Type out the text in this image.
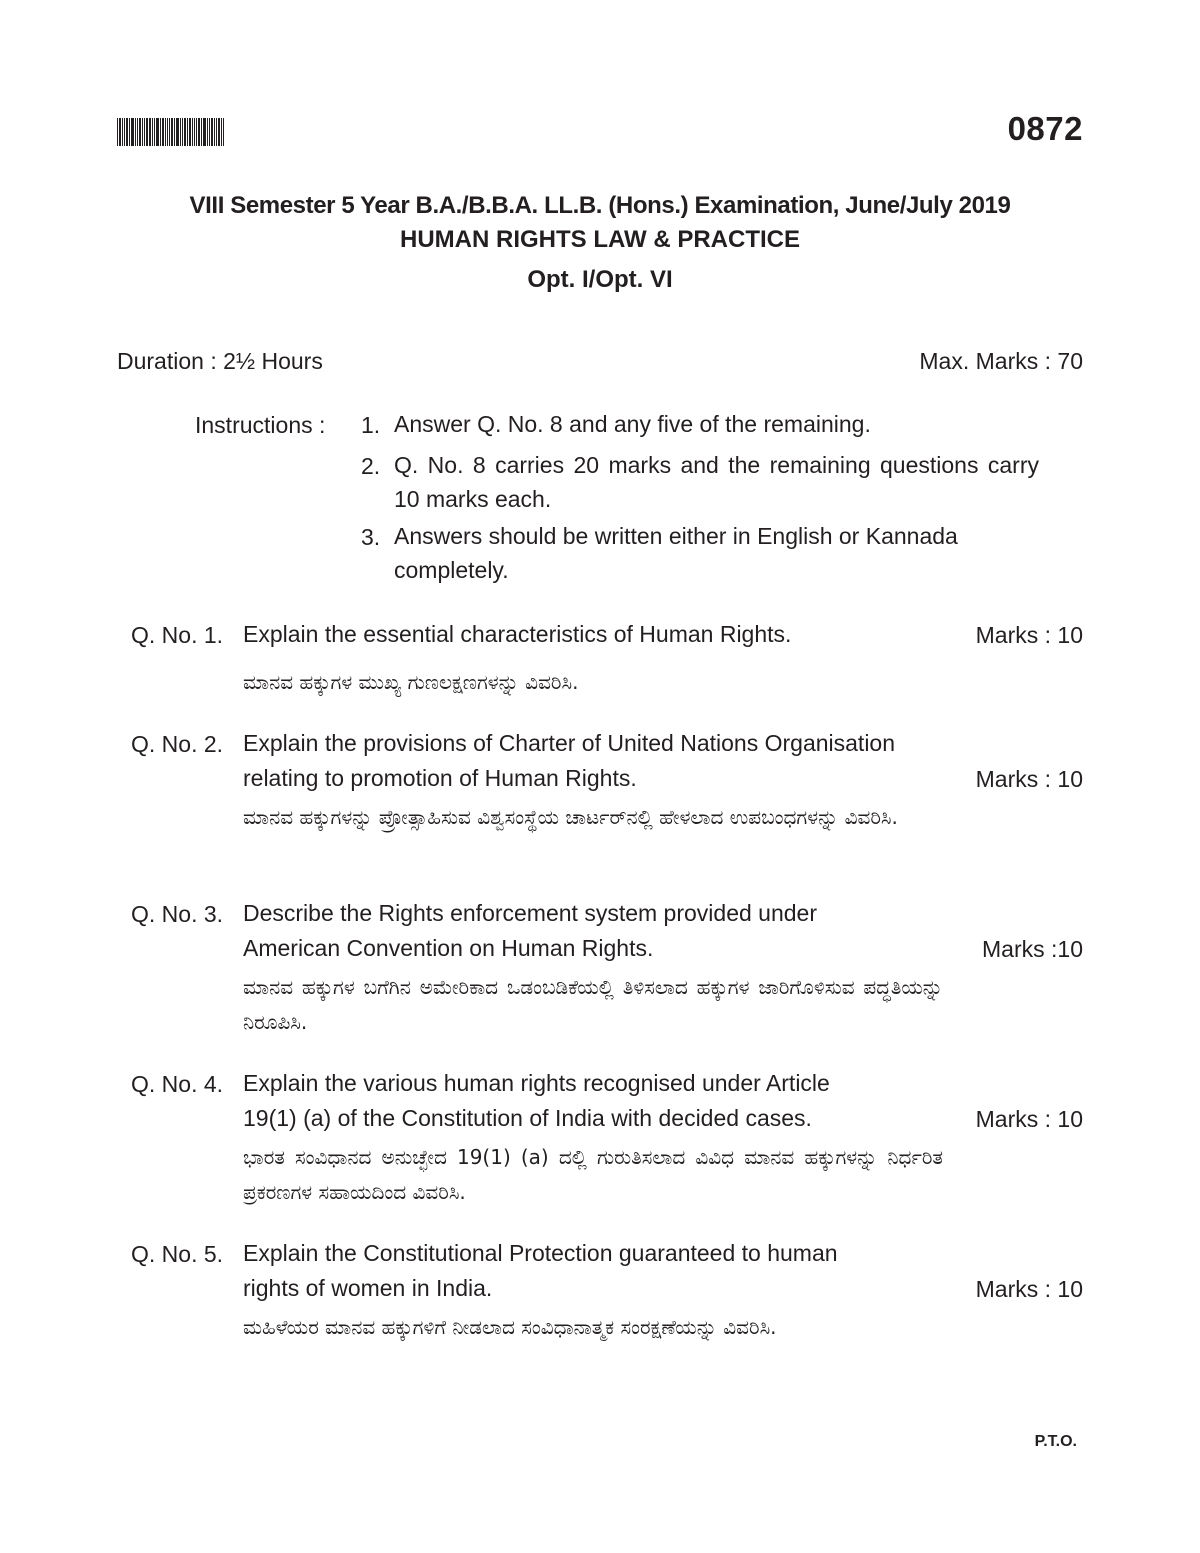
0872
VIII Semester 5 Year B.A./B.B.A. LL.B. (Hons.) Examination, June/July 2019
HUMAN RIGHTS LAW & PRACTICE
Opt. I/Opt. VI
Duration : 2½ Hours	Max. Marks : 70
Instructions : 1. Answer Q. No. 8 and any five of the remaining.
2. Q. No. 8 carries 20 marks and the remaining questions carry 10 marks each.
3. Answers should be written either in English or Kannada completely.
Q. No. 1. Explain the essential characteristics of Human Rights.	Marks : 10
ಮಾನವ ಹಕ್ಕುಗಳ ಮುಖ್ಯ ಗುಣಲಕ್ಷಣಗಳನ್ನು ವಿವರಿಸಿ.
Q. No. 2. Explain the provisions of Charter of United Nations Organisation
relating to promotion of Human Rights.	Marks : 10
ಮಾನವ ಹಕ್ಕುಗಳನ್ನು ಪ್ರೋತ್ಸಾಹಿಸುವ ವಿಶ್ವಸಂಸ್ಥೆಯ ಚಾರ್ಟರ್‌ನಲ್ಲಿ ಹೇಳಲಾದ ಉಪಬಂಧಗಳನ್ನು ವಿವರಿಸಿ.
Q. No. 3. Describe the Rights enforcement system provided under
American Convention on Human Rights.	Marks :10
ಮಾನವ ಹಕ್ಕುಗಳ ಬಗೆಗಿನ ಅಮೇರಿಕಾದ ಒಡಂಬಡಿಕೆಯಲ್ಲಿ ತಿಳಿಸಲಾದ ಹಕ್ಕುಗಳ ಜಾರಿಗೊಳಿಸುವ ಪದ್ಧತಿಯನ್ನು ನಿರೂಪಿಸಿ.
Q. No. 4. Explain the various human rights recognised under Article
19(1) (a) of the Constitution of India with decided cases.	Marks : 10
ಭಾರತ ಸಂವಿಧಾನದ ಅನುಚ್ಛೇದ 19(1) (a) ದಲ್ಲಿ ಗುರುತಿಸಲಾದ ವಿವಿಧ ಮಾನವ ಹಕ್ಕುಗಳನ್ನು ನಿರ್ಧರಿತ ಪ್ರಕರಣಗಳ ಸಹಾಯದಿಂದ ವಿವರಿಸಿ.
Q. No. 5. Explain the Constitutional Protection guaranteed to human
rights of women in India.	Marks : 10
ಮಹಿಳೆಯರ ಮಾನವ ಹಕ್ಕುಗಳಿಗೆ ನೀಡಲಾದ ಸಂವಿಧಾನಾತ್ಮಕ ಸಂರಕ್ಷಣೆಯನ್ನು ವಿವರಿಸಿ.
P.T.O.
